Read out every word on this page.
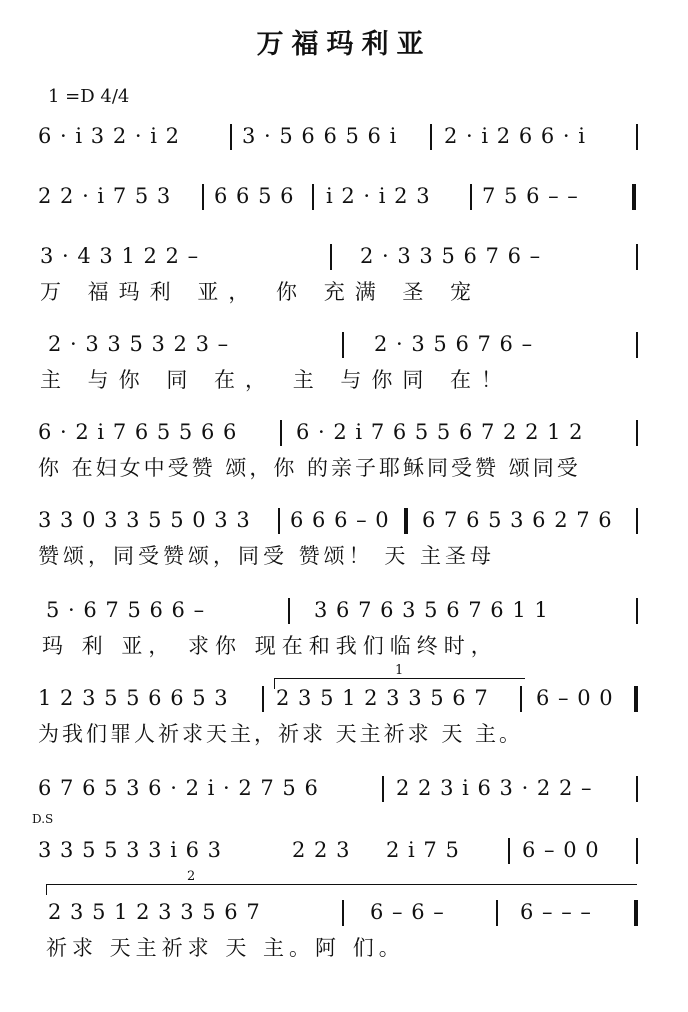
万福玛利亚
1 =D 4/4
6 · i 3 2 · i 2	3 · 5 6 6 5 6 i 2 · i 2 6 6 · i
2 2 · i 7 5 3 6 6 5 6 i 2 · i 2 3 7 5 6 – –
3 · 4 3 1 2 2 –	2 · 3 3 5 6 7 6 –
万 福玛利 亚， 你 充满 圣 宠
2 · 3 3 5 3 2 3 –	2 · 3 5 6 7 6 –
主 与你 同 在， 主 与你同 在！
6 · 2 i 7 6 5 5 6 6	6 · 2 i 7 6 5 5 6 7 2 2 1 2
你 在妇女中受赞 颂，你 的亲子耶稣同受赞 颂同受
3 3 0 3 3 5 5 0 3 3 6 6 6 – 0 6 7 6 5 3 6 2 7 6
赞颂，同受赞颂，同受 赞颂！ 天 主圣母
5 · 6 7 5 6 6 –	3 6 7 6 3 5 6 7 6 1 1
玛 利 亚， 求你 现在和我们临终时，
1
1 2 3 5 5 6 6 5 3 2 3 5 1 2 3 3 5 6 7 6 – 0 0
为我们罪人祈求天主，祈求 天主祈求 天 主。
6 7 6 5 3 6 · 2 i · 2 7 5 6	2 2 3 i 6 3 · 2 2 –
D.S
3 3 5 5 3 3 i 6 3	2 2 3 2 i 7 5	6 – 0 0
2
2 3 5 1 2 3 3 5 6 7	6 – 6 –	6 – – –
祈求 天主祈求 天 主。阿 们。
